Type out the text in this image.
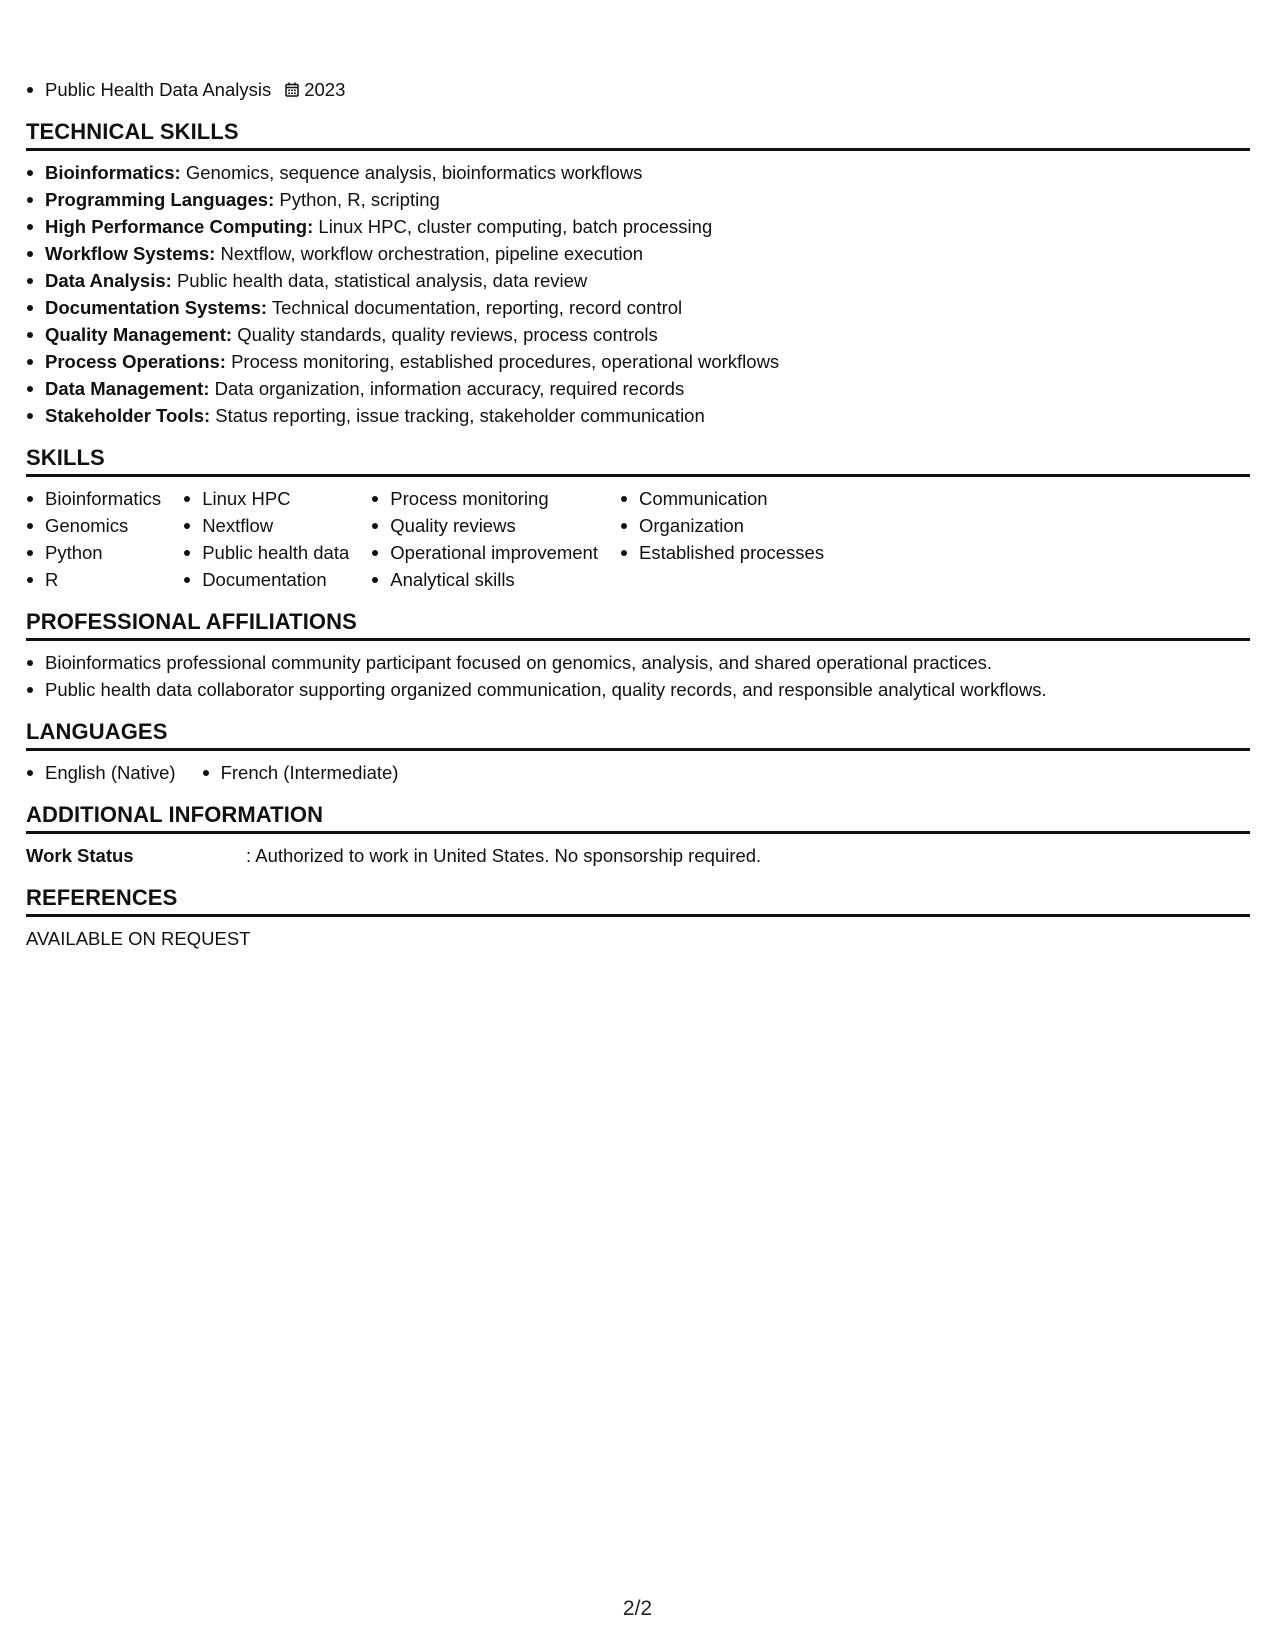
Public Health Data Analysis 2023
TECHNICAL SKILLS
Bioinformatics: Genomics, sequence analysis, bioinformatics workflows
Programming Languages: Python, R, scripting
High Performance Computing: Linux HPC, cluster computing, batch processing
Workflow Systems: Nextflow, workflow orchestration, pipeline execution
Data Analysis: Public health data, statistical analysis, data review
Documentation Systems: Technical documentation, reporting, record control
Quality Management: Quality standards, quality reviews, process controls
Process Operations: Process monitoring, established procedures, operational workflows
Data Management: Data organization, information accuracy, required records
Stakeholder Tools: Status reporting, issue tracking, stakeholder communication
SKILLS
Bioinformatics
Genomics
Python
R
Linux HPC
Nextflow
Public health data
Documentation
Process monitoring
Quality reviews
Operational improvement
Analytical skills
Communication
Organization
Established processes
PROFESSIONAL AFFILIATIONS
Bioinformatics professional community participant focused on genomics, analysis, and shared operational practices.
Public health data collaborator supporting organized communication, quality records, and responsible analytical workflows.
LANGUAGES
English (Native)	French (Intermediate)
ADDITIONAL INFORMATION
Work Status	: Authorized to work in United States. No sponsorship required.
REFERENCES
AVAILABLE ON REQUEST
2/2
